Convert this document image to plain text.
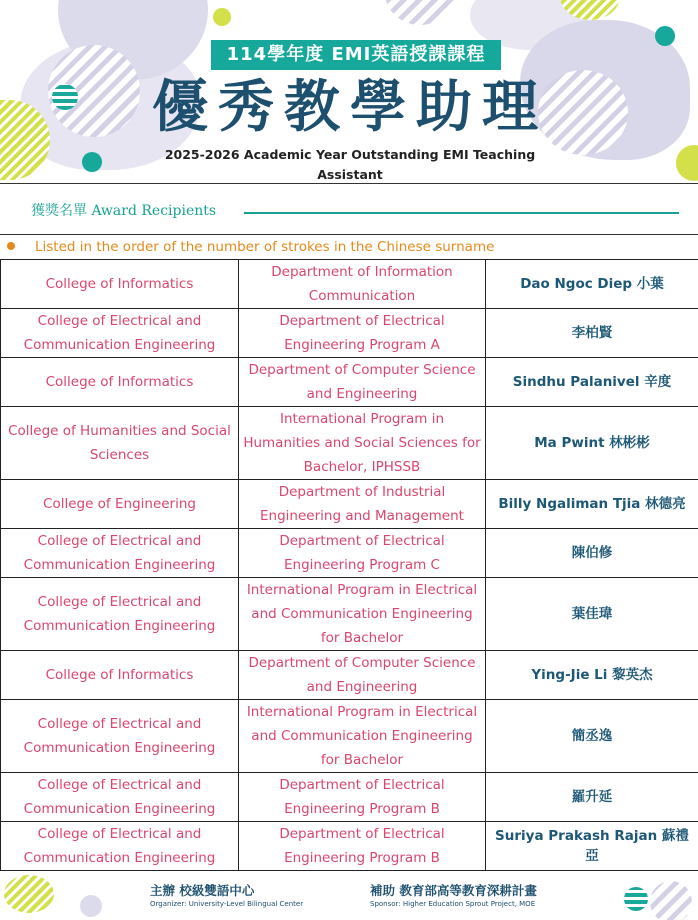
114學年度 EMI英語授課課程
優秀教學助理
2025-2026 Academic Year Outstanding EMI Teaching Assistant
獲獎名單 Award Recipients
Listed in the order of the number of strokes in the Chinese surname
College of Informatics	Department of Information Communication	Dao Ngoc Diep 小葉
College of Electrical and Communication Engineering	Department of Electrical Engineering Program A	李柏賢
College of Informatics	Department of Computer Science and Engineering	Sindhu Palanivel 辛度
College of Humanities and Social Sciences	International Program in Humanities and Social Sciences for Bachelor, IPHSSB	Ma Pwint 林彬彬
College of Engineering	Department of Industrial Engineering and Management	Billy Ngaliman Tjia 林德亮
College of Electrical and Communication Engineering	Department of Electrical Engineering Program C	陳伯修
College of Electrical and Communication Engineering	International Program in Electrical and Communication Engineering for Bachelor	葉佳瑋
College of Informatics	Department of Computer Science and Engineering	Ying-Jie Li 黎英杰
College of Electrical and Communication Engineering	International Program in Electrical and Communication Engineering for Bachelor	簡丞逸
College of Electrical and Communication Engineering	Department of Electrical Engineering Program B	羅升延
College of Electrical and Communication Engineering	Department of Electrical Engineering Program B	Suriya Prakash Rajan 蘇禮亞
主辦 校級雙語中心
Organizer: University-Level Bilingual Center
補助 教育部高等教育深耕計畫
Sponsor: Higher Education Sprout Project, MOE
